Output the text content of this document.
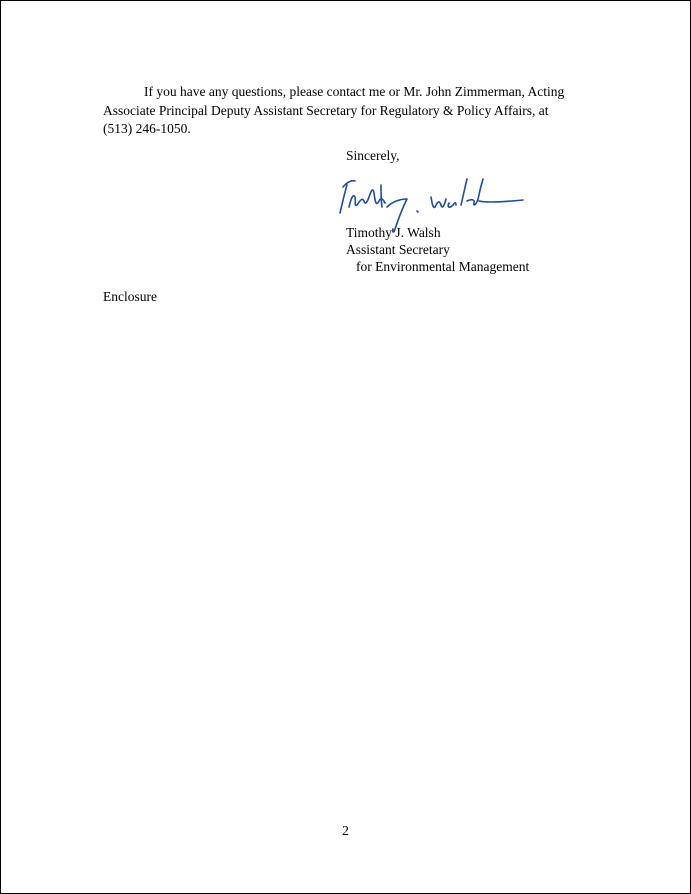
If you have any questions, please contact me or Mr. John Zimmerman, Acting Associate Principal Deputy Assistant Secretary for Regulatory & Policy Affairs, at (513) 246-1050.

Sincerely,
Timothy J. Walsh
Assistant Secretary
for Environmental Management
Enclosure
2
